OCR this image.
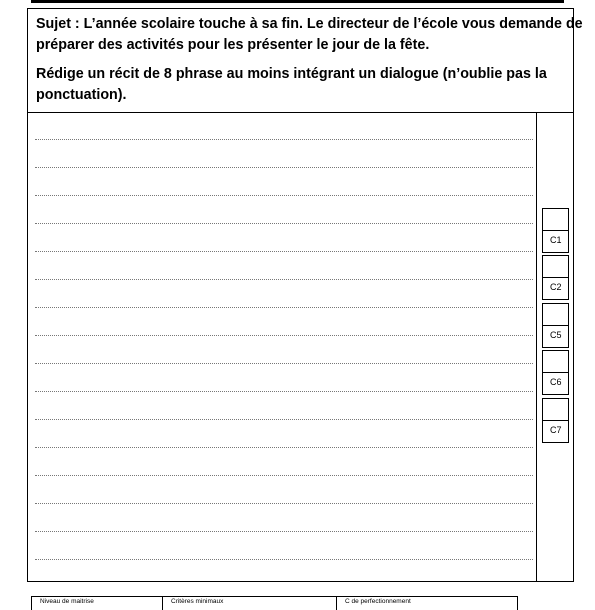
Sujet : L’année scolaire touche à sa fin. Le directeur de l’école vous demande de
préparer des activités pour les présenter le jour de la fête.
Rédige un récit de 8 phrase au moins intégrant un dialogue (n’oublie pas la
ponctuation).
C1
C2
C5
C6
C7
Niveau de maitrise	Critères minimaux	C de perfectionnement
